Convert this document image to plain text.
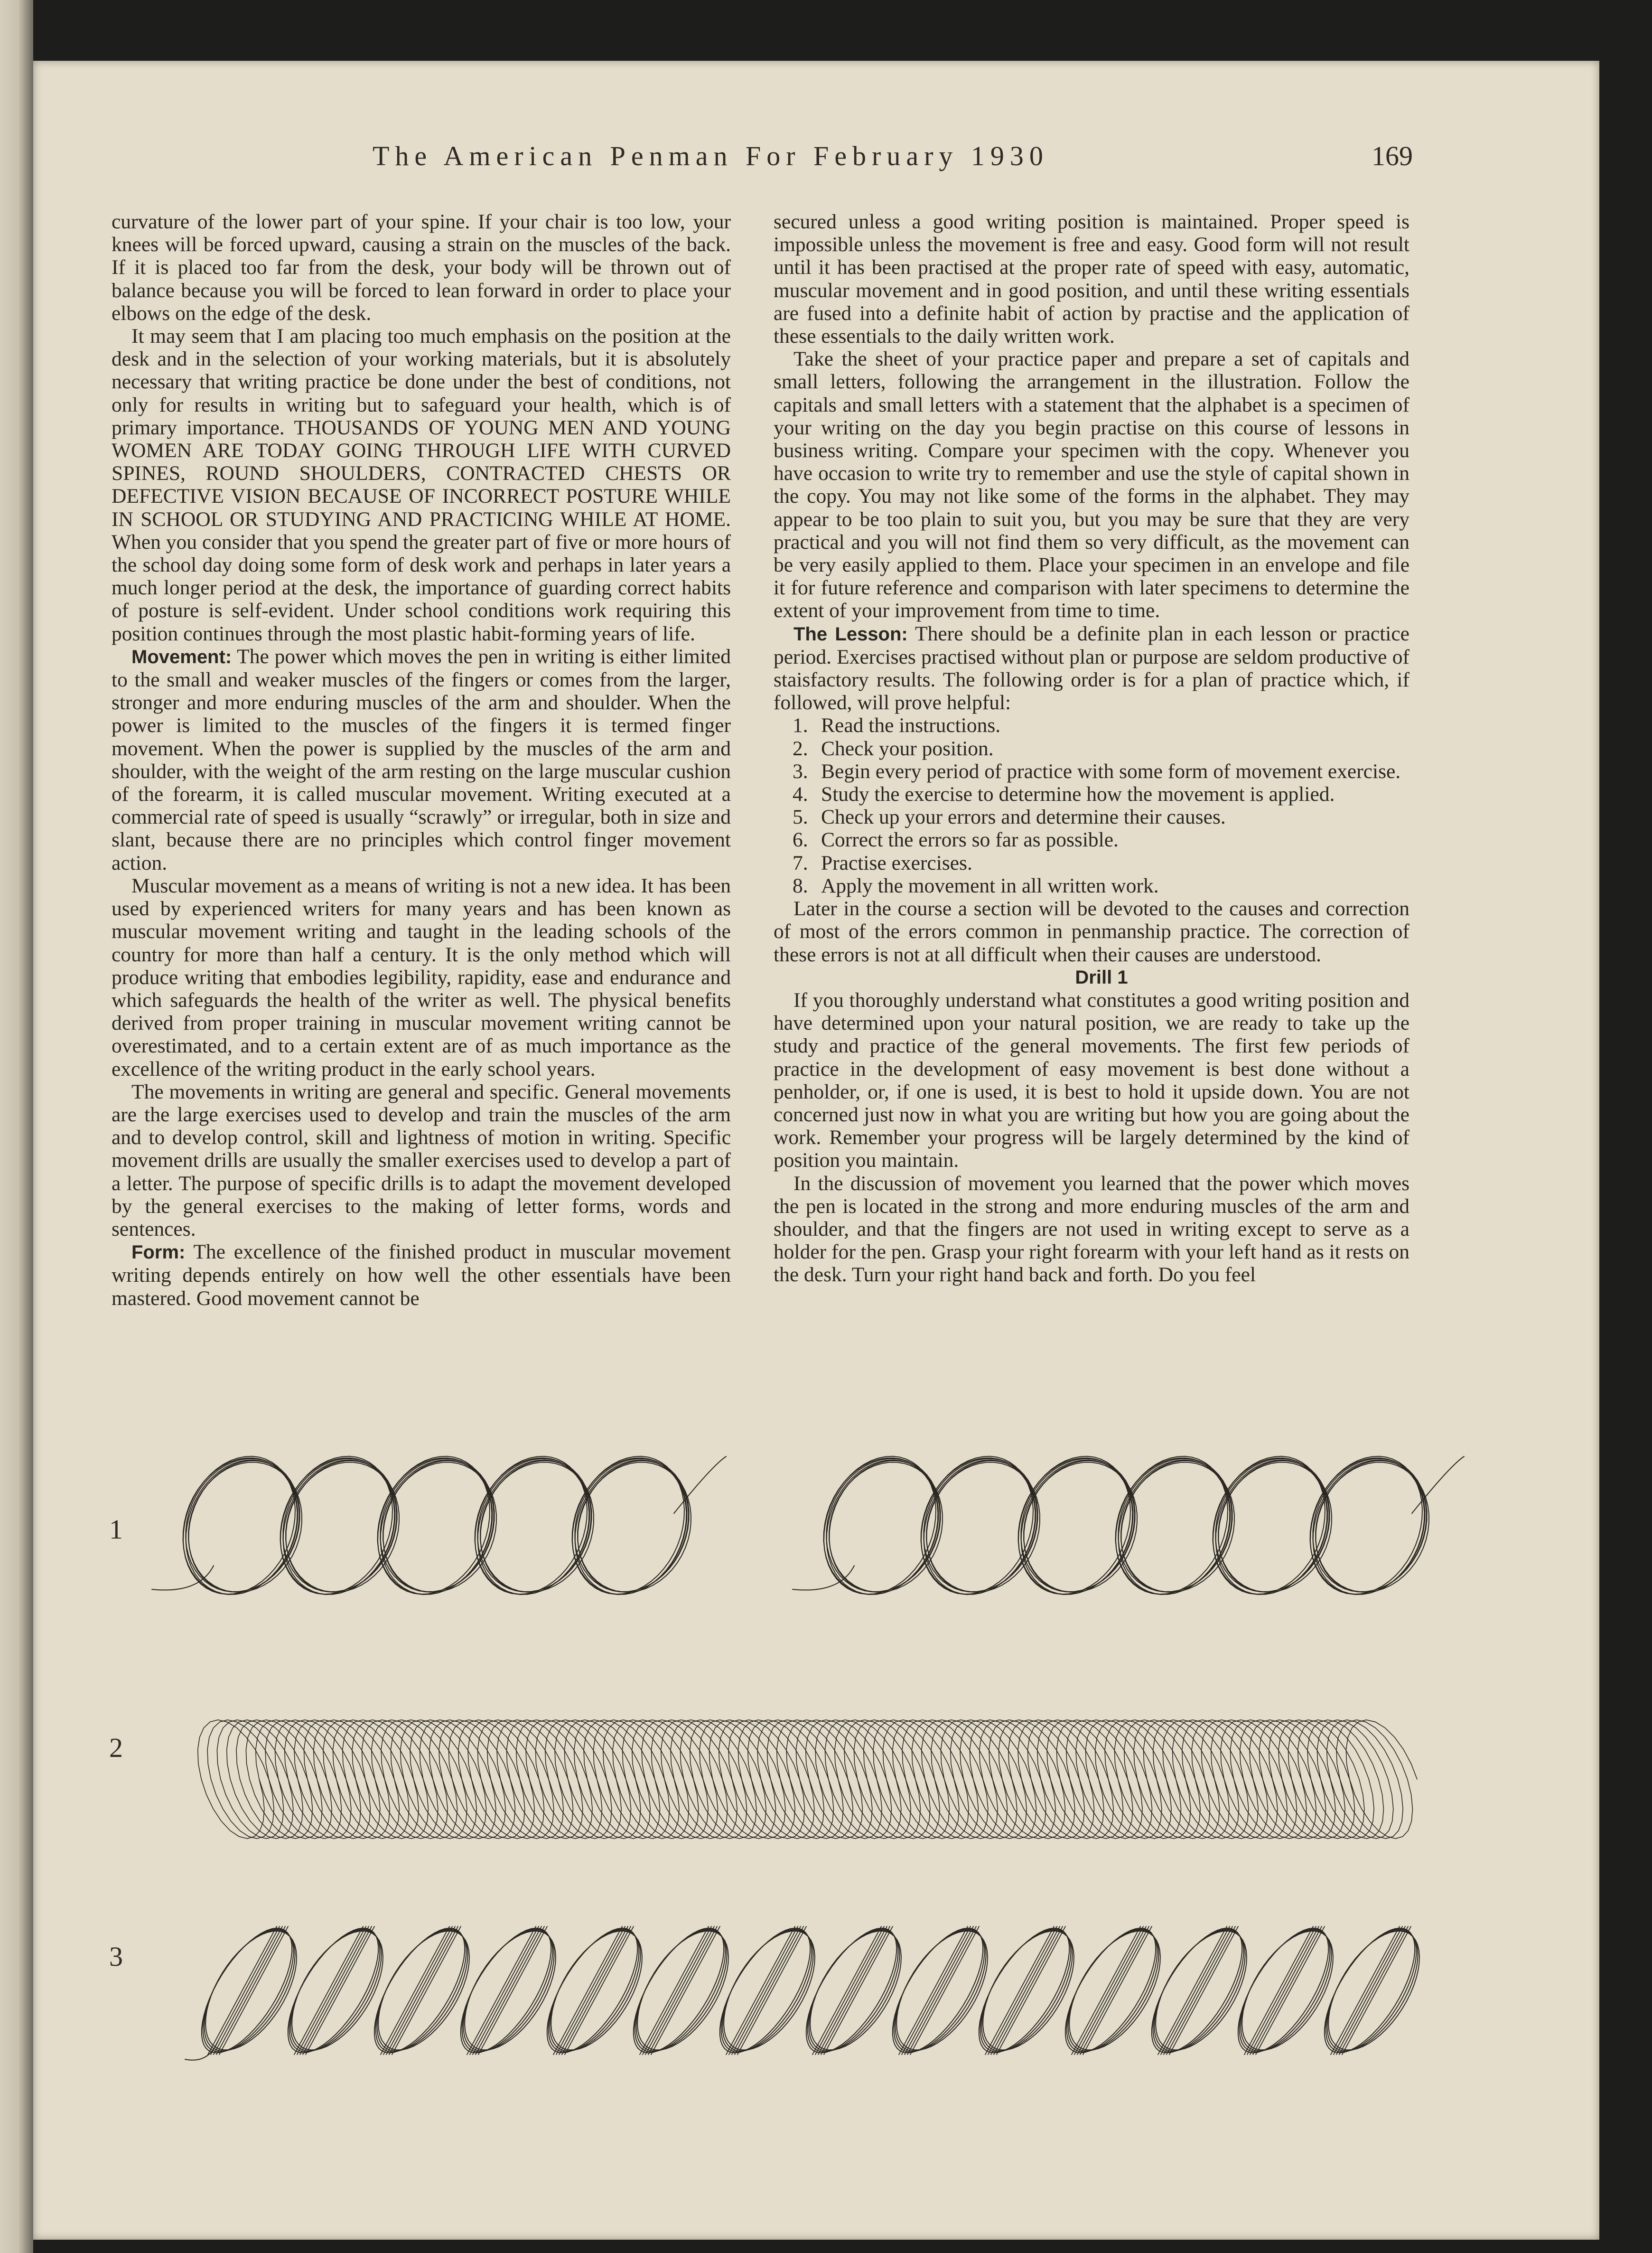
The American Penman For February 1930	169

curvature of the lower part of your spine. If your chair is too low, your knees will be forced upward, causing a strain on the muscles of the back. If it is placed too far from the desk, your body will be thrown out of balance because you will be forced to lean forward in order to place your elbows on the edge of the desk.

It may seem that I am placing too much emphasis on the position at the desk and in the selection of your working materials, but it is absolutely necessary that writing practice be done under the best of conditions, not only for results in writing but to safeguard your health, which is of primary importance. THOUSANDS OF YOUNG MEN AND YOUNG WOMEN ARE TODAY GOING THROUGH LIFE WITH CURVED SPINES, ROUND SHOULDERS, CONTRACTED CHESTS OR DEFECTIVE VISION BECAUSE OF INCORRECT POSTURE WHILE IN SCHOOL OR STUDYING AND PRACTICING WHILE AT HOME. When you consider that you spend the greater part of five or more hours of the school day doing some form of desk work and perhaps in later years a much longer period at the desk, the importance of guarding correct habits of posture is self-evident. Under school conditions work requiring this position continues through the most plastic habit-forming years of life.

Movement: The power which moves the pen in writing is either limited to the small and weaker muscles of the fingers or comes from the larger, stronger and more enduring muscles of the arm and shoulder. When the power is limited to the muscles of the fingers it is termed finger movement. When the power is supplied by the muscles of the arm and shoulder, with the weight of the arm resting on the large muscular cushion of the forearm, it is called muscular movement. Writing executed at a commercial rate of speed is usually “scrawly” or irregular, both in size and slant, because there are no principles which control finger movement action.

Muscular movement as a means of writing is not a new idea. It has been used by experienced writers for many years and has been known as muscular movement writing and taught in the leading schools of the country for more than half a century. It is the only method which will produce writing that embodies legibility, rapidity, ease and endurance and which safeguards the health of the writer as well. The physical benefits derived from proper training in muscular movement writing cannot be overestimated, and to a certain extent are of as much importance as the excellence of the writing product in the early school years.

The movements in writing are general and specific. General movements are the large exercises used to develop and train the muscles of the arm and to develop control, skill and lightness of motion in writing. Specific movement drills are usually the smaller exercises used to develop a part of a letter. The purpose of specific drills is to adapt the movement developed by the general exercises to the making of letter forms, words and sentences.

Form: The excellence of the finished product in muscular movement writing depends entirely on how well the other essentials have been mastered. Good movement cannot be

secured unless a good writing position is maintained. Proper speed is impossible unless the movement is free and easy. Good form will not result until it has been practised at the proper rate of speed with easy, automatic, muscular movement and in good position, and until these writing essentials are fused into a definite habit of action by practise and the application of these essentials to the daily written work.

Take the sheet of your practice paper and prepare a set of capitals and small letters, following the arrangement in the illustration. Follow the capitals and small letters with a statement that the alphabet is a specimen of your writing on the day you begin practise on this course of lessons in business writing. Compare your specimen with the copy. Whenever you have occasion to write try to remember and use the style of capital shown in the copy. You may not like some of the forms in the alphabet. They may appear to be too plain to suit you, but you may be sure that they are very practical and you will not find them so very difficult, as the movement can be very easily applied to them. Place your specimen in an envelope and file it for future reference and comparison with later specimens to determine the extent of your improvement from time to time.

The Lesson: There should be a definite plan in each lesson or practice period. Exercises practised without plan or purpose are seldom productive of staisfactory results. The following order is for a plan of practice which, if followed, will prove helpful:

1. Read the instructions.
2. Check your position.
3. Begin every period of practice with some form of movement exercise.
4. Study the exercise to determine how the movement is applied.
5. Check up your errors and determine their causes.
6. Correct the errors so far as possible.
7. Practise exercises.
8. Apply the movement in all written work.

Later in the course a section will be devoted to the causes and correction of most of the errors common in penmanship practice. The correction of these errors is not at all difficult when their causes are understood.

Drill 1

If you thoroughly understand what constitutes a good writing position and have determined upon your natural position, we are ready to take up the study and practice of the general movements. The first few periods of practice in the development of easy movement is best done without a penholder, or, if one is used, it is best to hold it upside down. You are not concerned just now in what you are writing but how you are going about the work. Remember your progress will be largely determined by the kind of position you maintain.

In the discussion of movement you learned that the power which moves the pen is located in the strong and more enduring muscles of the arm and shoulder, and that the fingers are not used in writing except to serve as a holder for the pen. Grasp your right forearm with your left hand as it rests on the desk. Turn your right hand back and forth. Do you feel

1
2
3
